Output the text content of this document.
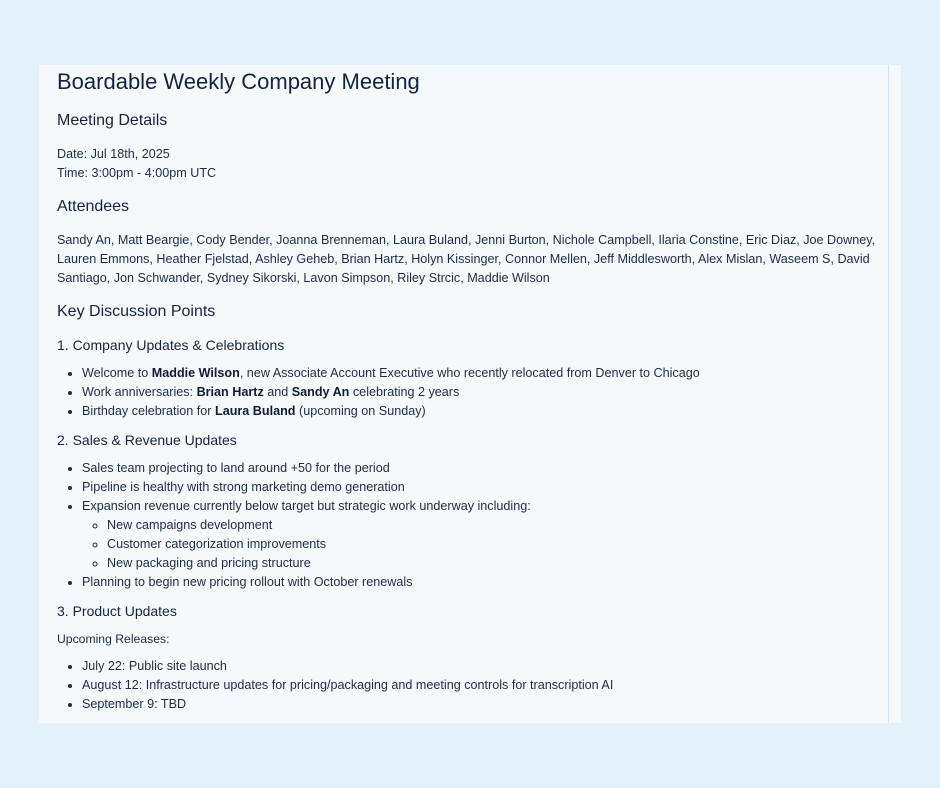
Boardable Weekly Company Meeting
Meeting Details

Date: Jul 18th, 2025

Time: 3:00pm - 4:00pm UTC

Attendees

Sandy An, Matt Beargie, Cody Bender, Joanna Brenneman, Laura Buland, Jenni Burton, Nichole Campbell, Ilaria Constine, Eric Diaz, Joe Downey, Lauren Emmons, Heather Fjelstad, Ashley Geheb, Brian Hartz, Holyn Kissinger, Connor Mellen, Jeff Middlesworth, Alex Mislan, Waseem S, David Santiago, Jon Schwander, Sydney Sikorski, Lavon Simpson, Riley Strcic, Maddie Wilson

Key Discussion Points
1. Company Updates & Celebrations
• Welcome to Maddie Wilson, new Associate Account Executive who recently relocated from Denver to Chicago
• Work anniversaries: Brian Hartz and Sandy An celebrating 2 years
• Birthday celebration for Laura Buland (upcoming on Sunday)
2. Sales & Revenue Updates
• Sales team projecting to land around +50 for the period
• Pipeline is healthy with strong marketing demo generation
• Expansion revenue currently below target but strategic work underway including:
◦ New campaigns development
◦ Customer categorization improvements
◦ New packaging and pricing structure
• Planning to begin new pricing rollout with October renewals
3. Product Updates

Upcoming Releases:

• July 22: Public site launch
• August 12: Infrastructure updates for pricing/packaging and meeting controls for transcription AI
• September 9: TBD
